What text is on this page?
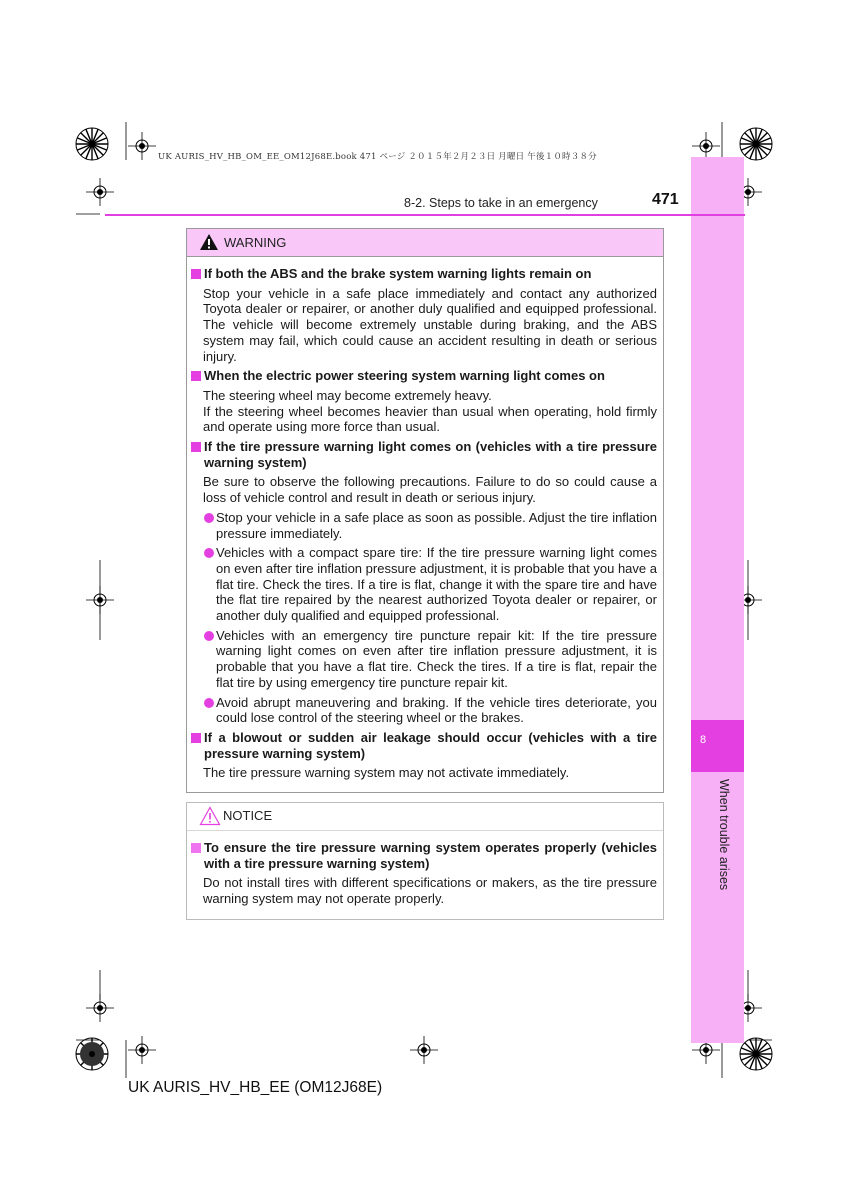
UK AURIS_HV_HB_OM_EE_OM12J68E.book 471 ページ ２０１５年２月２３日 月曜日 午後１０時３８分
8
When trouble arises
8-2. Steps to take in an emergency	471
WARNING
If both the ABS and the brake system warning lights remain on
Stop your vehicle in a safe place immediately and contact any authorized Toyota dealer or repairer, or another duly qualified and equipped professional. The vehicle will become extremely unstable during braking, and the ABS system may fail, which could cause an accident resulting in death or serious injury.
When the electric power steering system warning light comes on
The steering wheel may become extremely heavy.
If the steering wheel becomes heavier than usual when operating, hold firmly and operate using more force than usual.
If the tire pressure warning light comes on (vehicles with a tire pressure warning system)
Be sure to observe the following precautions. Failure to do so could cause a loss of vehicle control and result in death or serious injury.
Stop your vehicle in a safe place as soon as possible. Adjust the tire inflation pressure immediately.
Vehicles with a compact spare tire: If the tire pressure warning light comes on even after tire inflation pressure adjustment, it is probable that you have a flat tire. Check the tires. If a tire is flat, change it with the spare tire and have the flat tire repaired by the nearest authorized Toyota dealer or repairer, or another duly qualified and equipped professional.
Vehicles with an emergency tire puncture repair kit: If the tire pressure warning light comes on even after tire inflation pressure adjustment, it is probable that you have a flat tire. Check the tires. If a tire is flat, repair the flat tire by using emergency tire puncture repair kit.
Avoid abrupt maneuvering and braking. If the vehicle tires deteriorate, you could lose control of the steering wheel or the brakes.
If a blowout or sudden air leakage should occur (vehicles with a tire pressure warning system)
The tire pressure warning system may not activate immediately.
NOTICE
To ensure the tire pressure warning system operates properly (vehicles with a tire pressure warning system)
Do not install tires with different specifications or makers, as the tire pressure warning system may not operate properly.
UK AURIS_HV_HB_EE (OM12J68E)
